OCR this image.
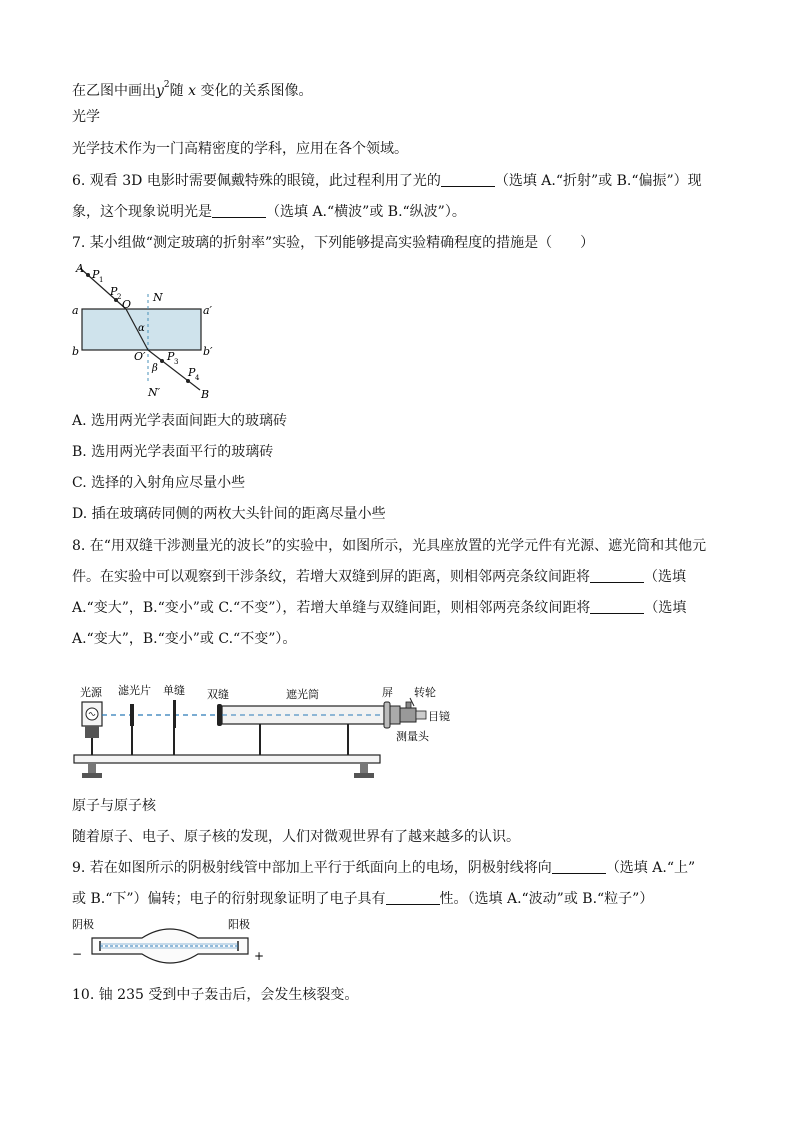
在乙图中画出$y^2$随 x 变化的关系图像。
光学
光学技术作为一门高精密度的学科，应用在各个领域。
6. 观看 3D 电影时需要佩戴特殊的眼镜，此过程利用了光的	（选填 A.“折射”或 B.“偏振”）现
象，这个现象说明光是	（选填 A.“横波”或 B.“纵波”）。
7. 某小组做“测定玻璃的折射率”实验，下列能够提高实验精确程度的措施是（　　）
A P 1
P 2
O
N
a	a′
α
b	b′
O′ P 3
β	P 4
N′	B
A. 选用两光学表面间距大的玻璃砖
B. 选用两光学表面平行的玻璃砖
C. 选择的入射角应尽量小些
D. 插在玻璃砖同侧的两枚大头针间的距离尽量小些
8. 在“用双缝干涉测量光的波长”的实验中，如图所示，光具座放置的光学元件有光源、遮光筒和其他元
件。在实验中可以观察到干涉条纹，若增大双缝到屏的距离，则相邻两亮条纹间距将	（选填
A.“变大”，B.“变小”或 C.“不变”），若增大单缝与双缝间距，则相邻两亮条纹间距将	（选填
A.“变大”，B.“变小”或 C.“不变”）。
光源 滤光片 单缝 双缝	遮光筒	屏 转轮
目镜
测量头
原子与原子核
随着原子、电子、原子核的发现，人们对微观世界有了越来越多的认识。
9. 若在如图所示的阴极射线管中部加上平行于纸面向上的电场，阴极射线将向	（选填 A.“上”
或 B.“下”）偏转；电子的衍射现象证明了电子具有	性。（选填 A.“波动”或 B.“粒子”）
阴极	阳极
−	+
10. 铀 235 受到中子轰击后，会发生核裂变。
